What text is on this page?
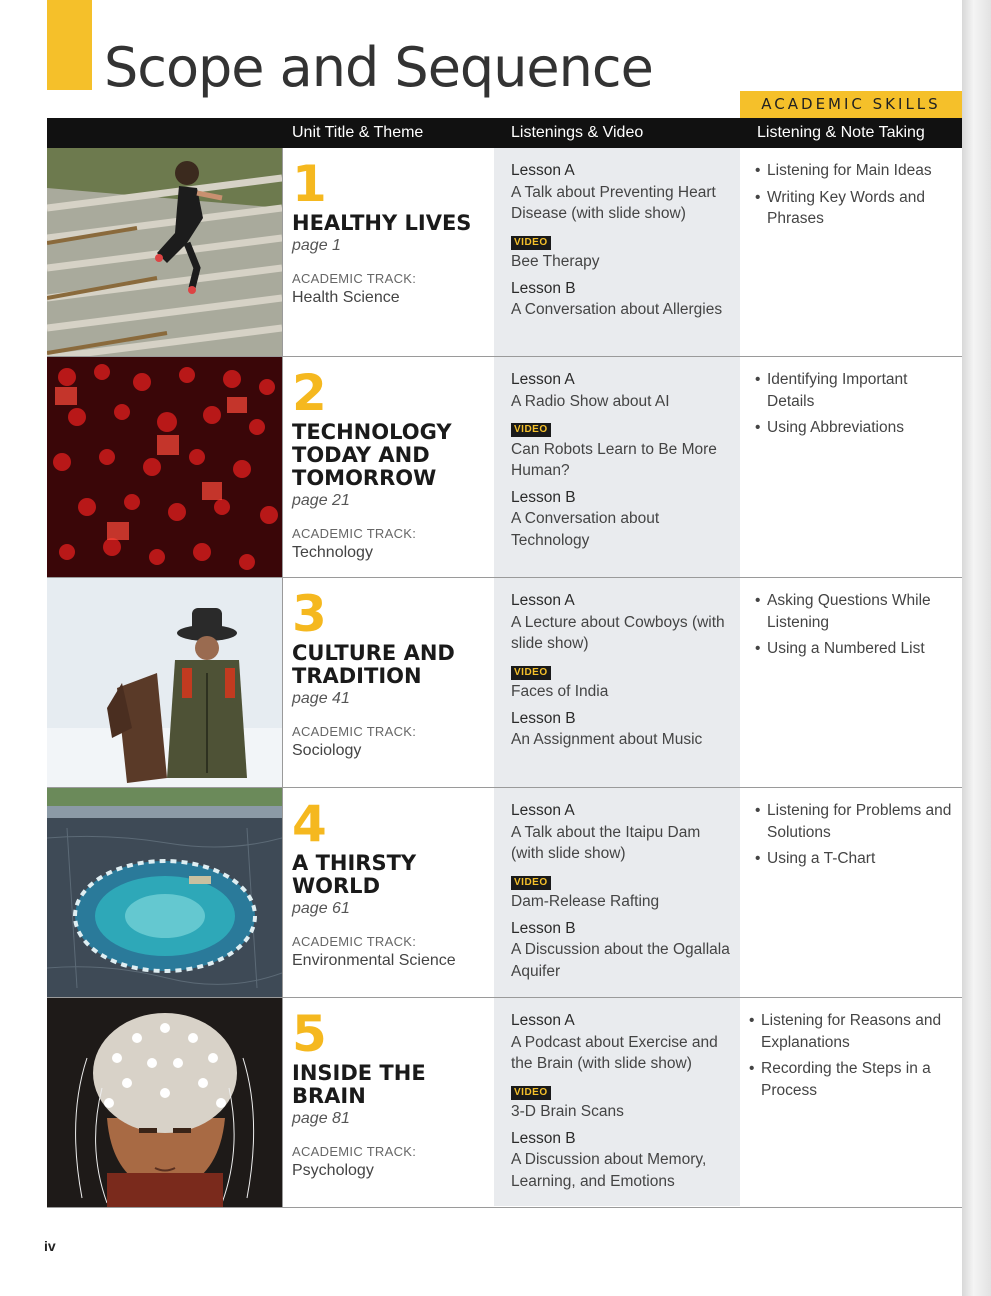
Scope and Sequence
ACADEMIC SKILLS
Unit Title & Theme	Listenings & Video	Listening & Note Taking
1
HEALTHY LIVES
page 1
ACADEMIC TRACK:
Health Science
Lesson A
A Talk about Preventing Heart Disease (with slide show)
VIDEO
Bee Therapy
Lesson B
A Conversation about Allergies
• Listening for Main Ideas
• Writing Key Words and Phrases
2
TECHNOLOGY TODAY AND TOMORROW
page 21
ACADEMIC TRACK:
Technology
Lesson A
A Radio Show about AI
VIDEO
Can Robots Learn to Be More Human?
Lesson B
A Conversation about Technology
• Identifying Important Details
• Using Abbreviations
3
CULTURE AND TRADITION
page 41
ACADEMIC TRACK:
Sociology
Lesson A
A Lecture about Cowboys (with slide show)
VIDEO
Faces of India
Lesson B
An Assignment about Music
• Asking Questions While Listening
• Using a Numbered List
4
A THIRSTY WORLD
page 61
ACADEMIC TRACK:
Environmental Science
Lesson A
A Talk about the Itaipu Dam (with slide show)
VIDEO
Dam-Release Rafting
Lesson B
A Discussion about the Ogallala Aquifer
• Listening for Problems and Solutions
• Using a T-Chart
5
INSIDE THE BRAIN
page 81
ACADEMIC TRACK:
Psychology
Lesson A
A Podcast about Exercise and the Brain (with slide show)
VIDEO
3-D Brain Scans
Lesson B
A Discussion about Memory, Learning, and Emotions
• Listening for Reasons and Explanations
• Recording the Steps in a Process
iv
